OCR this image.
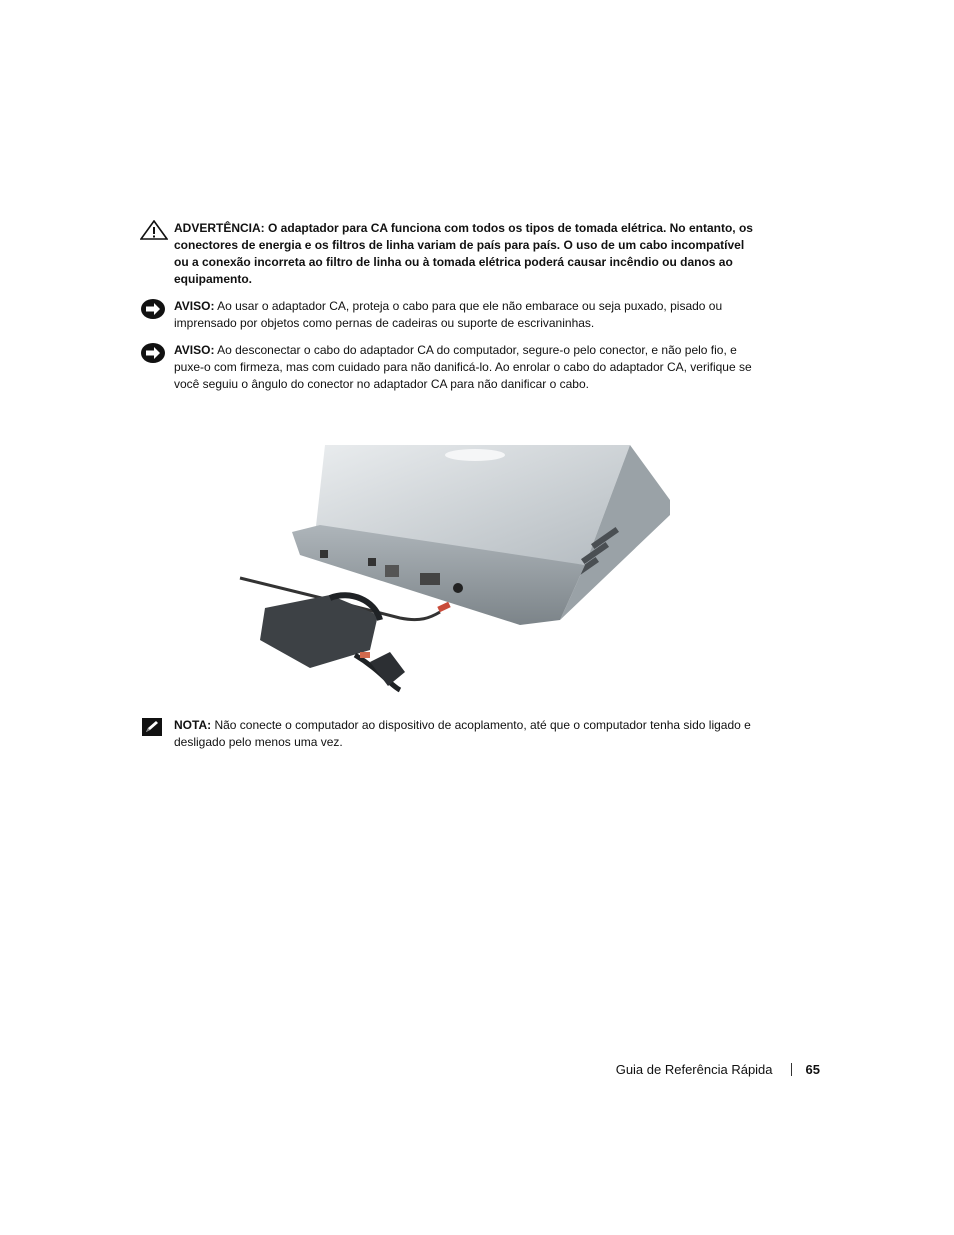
ADVERTÊNCIA: O adaptador para CA funciona com todos os tipos de tomada elétrica. No entanto, os conectores de energia e os filtros de linha variam de país para país. O uso de um cabo incompatível ou a conexão incorreta ao filtro de linha ou à tomada elétrica poderá causar incêndio ou danos ao equipamento.
AVISO: Ao usar o adaptador CA, proteja o cabo para que ele não embarace ou seja puxado, pisado ou imprensado por objetos como pernas de cadeiras ou suporte de escrivaninhas.
AVISO: Ao desconectar o cabo do adaptador CA do computador, segure-o pelo conector, e não pelo fio, e puxe-o com firmeza, mas com cuidado para não danificá-lo. Ao enrolar o cabo do adaptador CA, verifique se você seguiu o ângulo do conector no adaptador CA para não danificar o cabo.
NOTA: Não conecte o computador ao dispositivo de acoplamento, até que o computador tenha sido ligado e desligado pelo menos uma vez.
Guia de Referência Rápida	65
